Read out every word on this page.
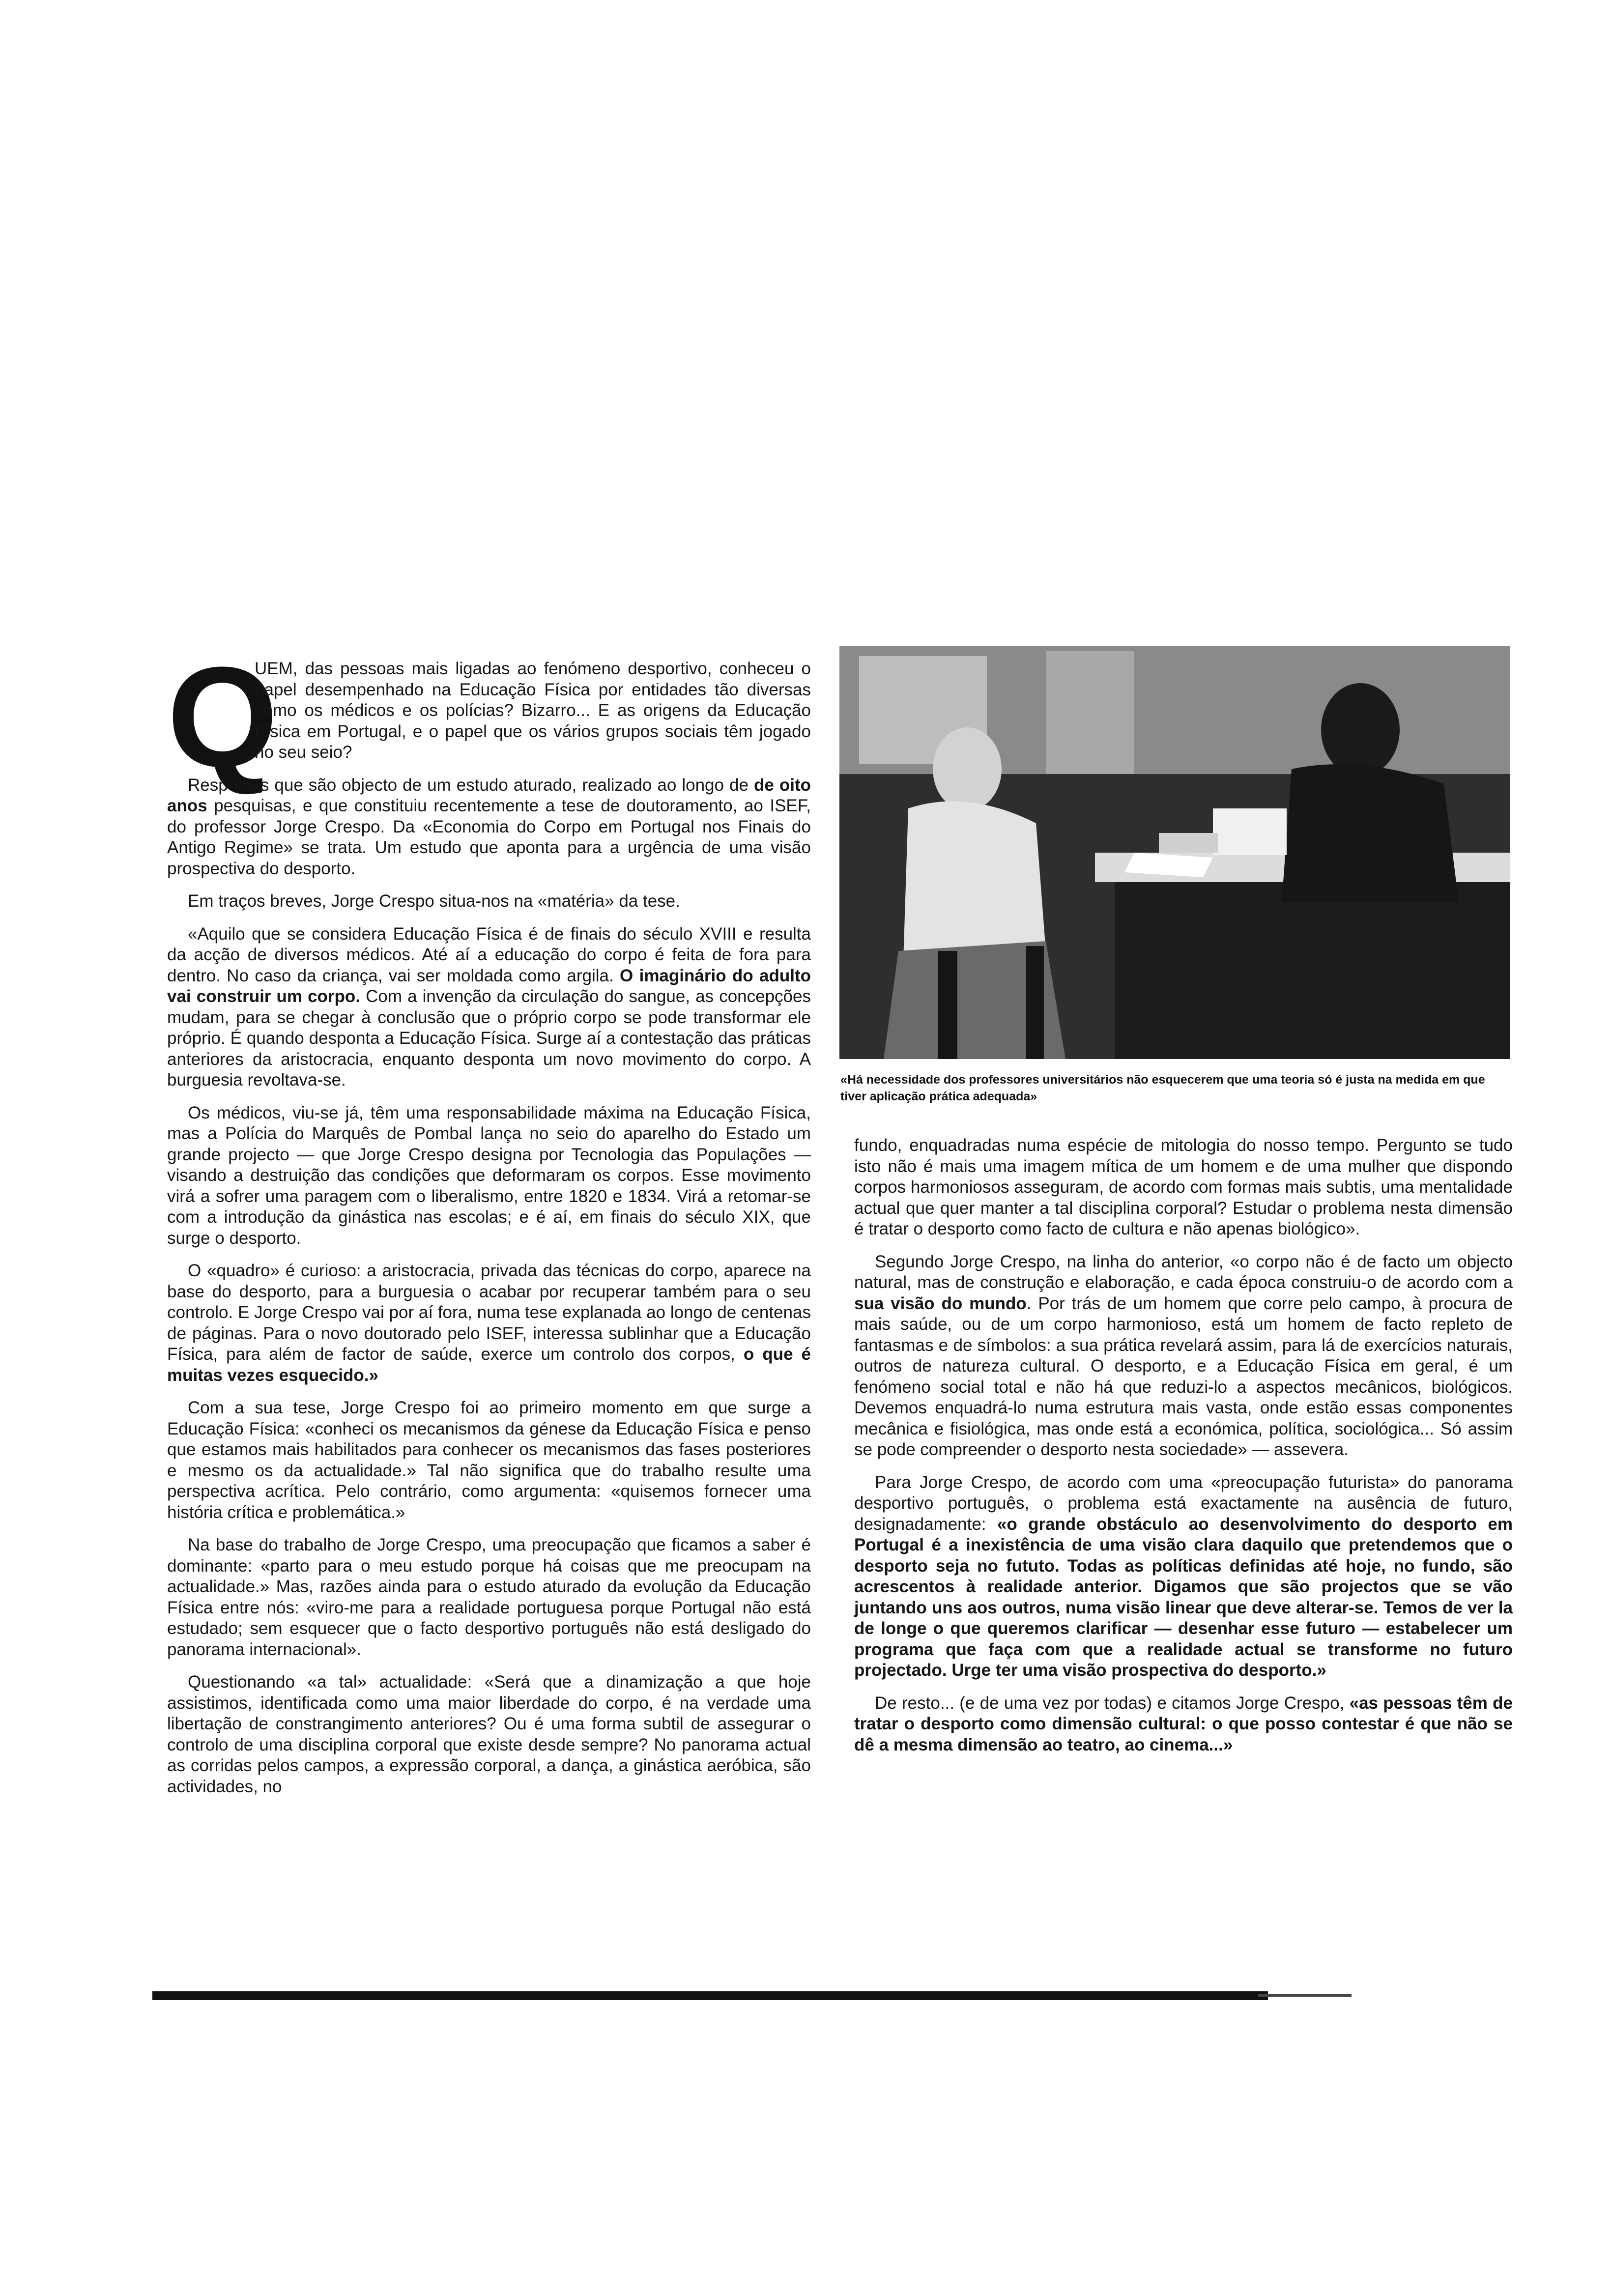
Q

UEM, das pessoas mais ligadas ao fenómeno desportivo, conheceu o papel desempenhado na Educação Física por entidades tão diversas como os médicos e os polícias? Bizarro... E as origens da Educação Física em Portugal, e o papel que os vários grupos sociais têm jogado no seu seio?

Respostas que são objecto de um estudo aturado, realizado ao longo de de oito anos pesquisas, e que constituiu recentemente a tese de doutoramento, ao ISEF, do professor Jorge Crespo. Da «Economia do Corpo em Portugal nos Finais do Antigo Regime» se trata. Um estudo que aponta para a urgência de uma visão prospectiva do desporto.

Em traços breves, Jorge Crespo situa-nos na «matéria» da tese.

«Aquilo que se considera Educação Física é de finais do século XVIII e resulta da acção de diversos médicos. Até aí a educação do corpo é feita de fora para dentro. No caso da criança, vai ser moldada como argila. O imaginário do adulto vai construir um corpo. Com a invenção da circulação do sangue, as concepções mudam, para se chegar à conclusão que o próprio corpo se pode transformar ele próprio. É quando desponta a Educação Física. Surge aí a contestação das práticas anteriores da aristocracia, enquanto desponta um novo movimento do corpo. A burguesia revoltava-se.

Os médicos, viu-se já, têm uma responsabilidade máxima na Educação Física, mas a Polícia do Marquês de Pombal lança no seio do aparelho do Estado um grande projecto — que Jorge Crespo designa por Tecnologia das Populações — visando a destruição das condições que deformaram os corpos. Esse movimento virá a sofrer uma paragem com o liberalismo, entre 1820 e 1834. Virá a retomar-se com a introdução da ginástica nas escolas; e é aí, em finais do século XIX, que surge o desporto.

O «quadro» é curioso: a aristocracia, privada das técnicas do corpo, aparece na base do desporto, para a burguesia o acabar por recuperar também para o seu controlo. E Jorge Crespo vai por aí fora, numa tese explanada ao longo de centenas de páginas. Para o novo doutorado pelo ISEF, interessa sublinhar que a Educação Física, para além de factor de saúde, exerce um controlo dos corpos, o que é muitas vezes esquecido.»

Com a sua tese, Jorge Crespo foi ao primeiro momento em que surge a Educação Física: «conheci os mecanismos da génese da Educação Física e penso que estamos mais habilitados para conhecer os mecanismos das fases posteriores e mesmo os da actualidade.» Tal não significa que do trabalho resulte uma perspectiva acrítica. Pelo contrário, como argumenta: «quisemos fornecer uma história crítica e problemática.»

Na base do trabalho de Jorge Crespo, uma preocupação que ficamos a saber é dominante: «parto para o meu estudo porque há coisas que me preocupam na actualidade.» Mas, razões ainda para o estudo aturado da evolução da Educação Física entre nós: «virо-me para a realidade portuguesa porque Portugal não está estudado; sem esquecer que o facto desportivo português não está desligado do panorama internacional».

Questionando «a tal» actualidade: «Será que a dinamização a que hoje assistimos, identificada como uma maior liberdade do corpo, é na verdade uma libertação de constrangimento anteriores? Ou é uma forma subtil de assegurar o controlo de uma disciplina corporal que existe desde sempre? No panorama actual as corridas pelos campos, a expressão corporal, a dança, a ginástica aeróbica, são actividades, no

«Há necessidade dos professores universitários não esquecerem que uma teoria só é justa na medida em que tiver aplicação prática adequada»

fundo, enquadradas numa espécie de mitologia do nosso tempo. Pergunto se tudo isto não é mais uma imagem mítica de um homem e de uma mulher que dispondo corpos harmoniosos asseguram, de acordo com formas mais subtis, uma mentalidade actual que quer manter a tal disciplina corporal? Estudar o problema nesta dimensão é tratar o desporto como facto de cultura e não apenas biológico».

Segundo Jorge Crespo, na linha do anterior, «o corpo não é de facto um objecto natural, mas de construção e elaboração, e cada época construiu-o de acordo com a sua visão do mundo. Por trás de um homem que corre pelo campo, à procura de mais saúde, ou de um corpo harmonioso, está um homem de facto repleto de fantasmas e de símbolos: a sua prática revelará assim, para lá de exercícios naturais, outros de natureza cultural. O desporto, e a Educação Física em geral, é um fenómeno social total e não há que reduzi-lo a aspectos mecânicos, biológicos. Devemos enquadrá-lo numa estrutura mais vasta, onde estão essas componentes mecânica e fisiológica, mas onde está a económica, política, sociológica... Só assim se pode compreender o desporto nesta sociedade» — assevera.

Para Jorge Crespo, de acordo com uma «preocupação futurista» do panorama desportivo português, o problema está exactamente na ausência de futuro, designadamente: «o grande obstáculo ao desenvolvimento do desporto em Portugal é a inexistência de uma visão clara daquilo que pretendemos que o desporto seja no fututo. Todas as políticas definidas até hoje, no fundo, são acrescentos à realidade anterior. Digamos que são projectos que se vão juntando uns aos outros, numa visão linear que deve alterar-se. Temos de ver la de longe o que queremos clarificar — desenhar esse futuro — estabelecer um programa que faça com que a realidade actual se transforme no futuro projectado. Urge ter uma visão prospectiva do desporto.»

De resto... (e de uma vez por todas) e citamos Jorge Crespo, «as pessoas têm de tratar o desporto como dimensão cultural: o que posso contestar é que não se dê a mesma dimensão ao teatro, ao cinema...»
